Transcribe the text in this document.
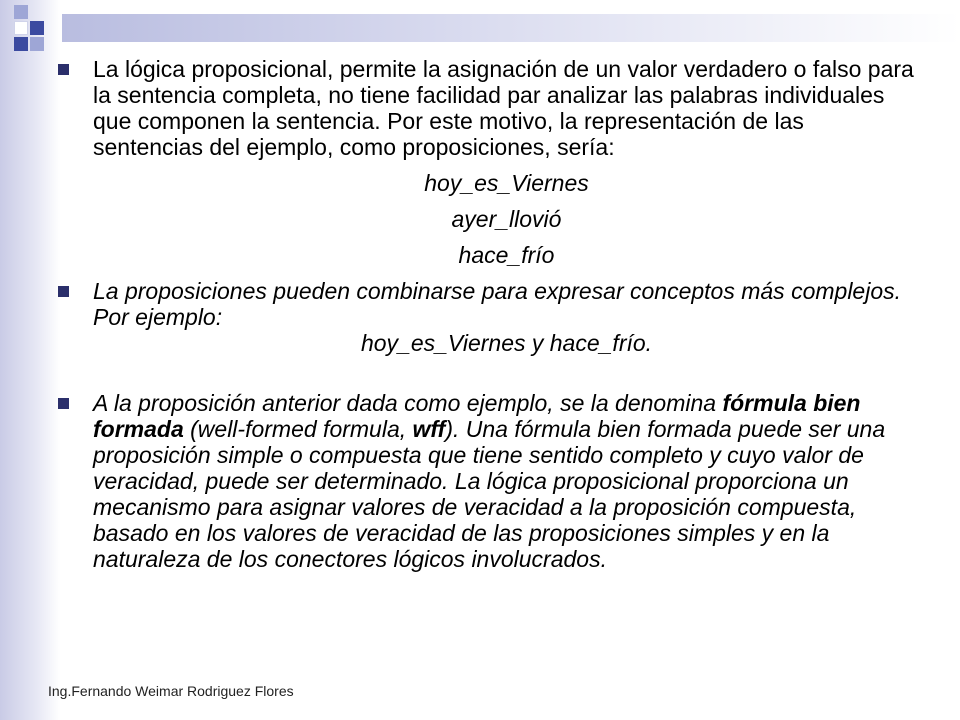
La lógica proposicional, permite la asignación de un valor verdadero o falso para la sentencia completa, no tiene facilidad par analizar las palabras individuales que componen la sentencia. Por este motivo, la representación de las sentencias del ejemplo, como proposiciones, sería:
hoy_es_Viernes
ayer_llovió
hace_frío
La proposiciones pueden combinarse para expresar conceptos más complejos. Por ejemplo:
hoy_es_Viernes y hace_frío.
A la proposición anterior dada como ejemplo, se la denomina fórmula bien formada (well-formed formula, wff). Una fórmula bien formada puede ser una proposición simple o compuesta que tiene sentido completo y cuyo valor de veracidad, puede ser determinado. La lógica proposicional proporciona un mecanismo para asignar valores de veracidad a la proposición compuesta, basado en los valores de veracidad de las proposiciones simples y en la naturaleza de los conectores lógicos involucrados.
Ing.Fernando Weimar Rodriguez Flores
